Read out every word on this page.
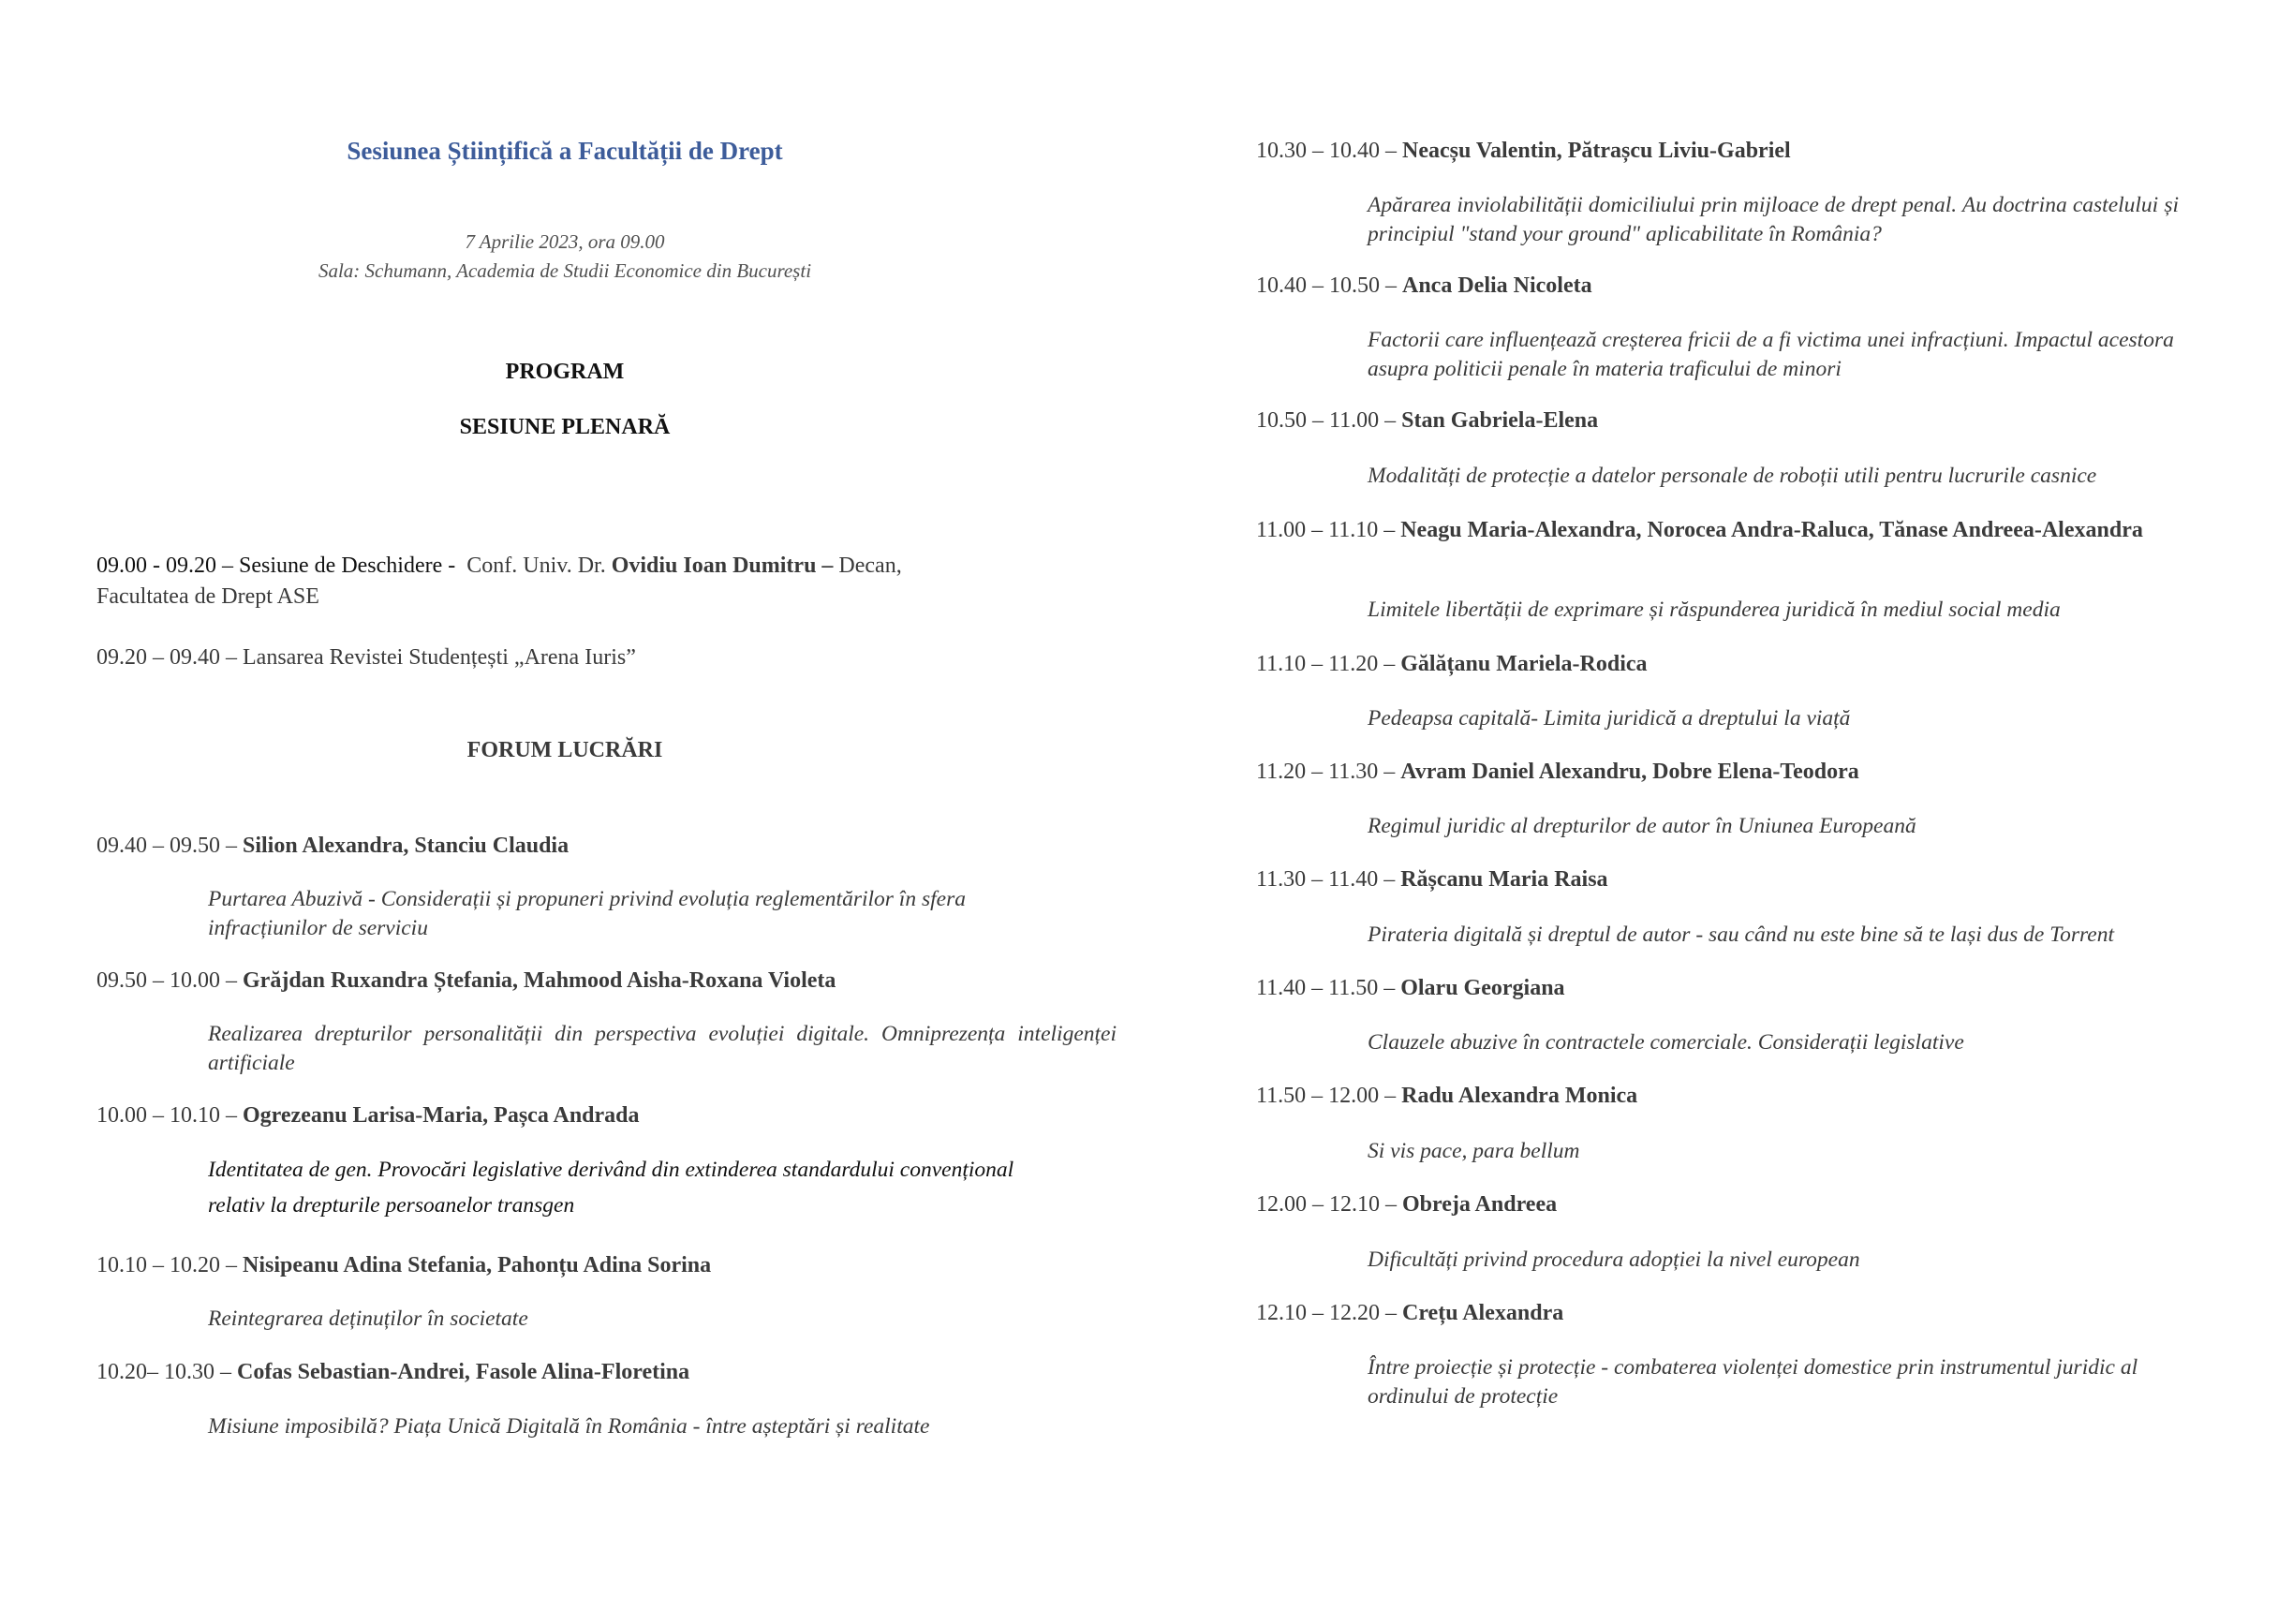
Sesiunea Științifică a Facultății de Drept
7 Aprilie 2023, ora 09.00
Sala: Schumann, Academia de Studii Economice din București
PROGRAM
SESIUNE PLENARĂ
09.00 - 09.20 – Sesiune de Deschidere - Conf. Univ. Dr. Ovidiu Ioan Dumitru – Decan,
Facultatea de Drept ASE
09.20 – 09.40 – Lansarea Revistei Studențești „Arena Iuris”
FORUM LUCRĂRI
09.40 – 09.50 – Silion Alexandra, Stanciu Claudia
Purtarea Abuzivă - Considerații și propuneri privind evoluția reglementărilor în sfera infracțiunilor de serviciu
09.50 – 10.00 – Grăjdan Ruxandra Ștefania, Mahmood Aisha-Roxana Violeta
Realizarea drepturilor personalității din perspectiva evoluției digitale. Omniprezența inteligenței artificiale
10.00 – 10.10 – Ogrezeanu Larisa-Maria, Pașca Andrada
Identitatea de gen. Provocări legislative derivând din extinderea standardului convențional relativ la drepturile persoanelor transgen
10.10 – 10.20 – Nisipeanu Adina Stefania, Pahonțu Adina Sorina
Reintegrarea deținuților în societate
10.20– 10.30 – Cofas Sebastian-Andrei, Fasole Alina-Floretina
Misiune imposibilă? Piața Unică Digitală în România - între așteptări și realitate
10.30 – 10.40 – Neacșu Valentin, Pătrașcu Liviu-Gabriel
Apărarea inviolabilității domiciliului prin mijloace de drept penal. Au doctrina castelului și principiul "stand your ground" aplicabilitate în România?
10.40 – 10.50 – Anca Delia Nicoleta
Factorii care influențează creșterea fricii de a fi victima unei infracțiuni. Impactul acestora asupra politicii penale în materia traficului de minori
10.50 – 11.00 – Stan Gabriela-Elena
Modalități de protecție a datelor personale de roboții utili pentru lucrurile casnice
11.00 – 11.10 – Neagu Maria-Alexandra, Norocea Andra-Raluca, Tănase Andreea-Alexandra
Limitele libertății de exprimare și răspunderea juridică în mediul social media
11.10 – 11.20 – Gălățanu Mariela-Rodica
Pedeapsa capitală- Limita juridică a dreptului la viață
11.20 – 11.30 – Avram Daniel Alexandru, Dobre Elena-Teodora
Regimul juridic al drepturilor de autor în Uniunea Europeană
11.30 – 11.40 – Rășcanu Maria Raisa
Pirateria digitală și dreptul de autor - sau când nu este bine să te lași dus de Torrent
11.40 – 11.50 – Olaru Georgiana
Clauzele abuzive în contractele comerciale. Considerații legislative
11.50 – 12.00 – Radu Alexandra Monica
Si vis pace, para bellum
12.00 – 12.10 – Obreja Andreea
Dificultăți privind procedura adopției la nivel european
12.10 – 12.20 – Crețu Alexandra
Între proiecție și protecție - combaterea violenței domestice prin instrumentul juridic al ordinului de protecție
